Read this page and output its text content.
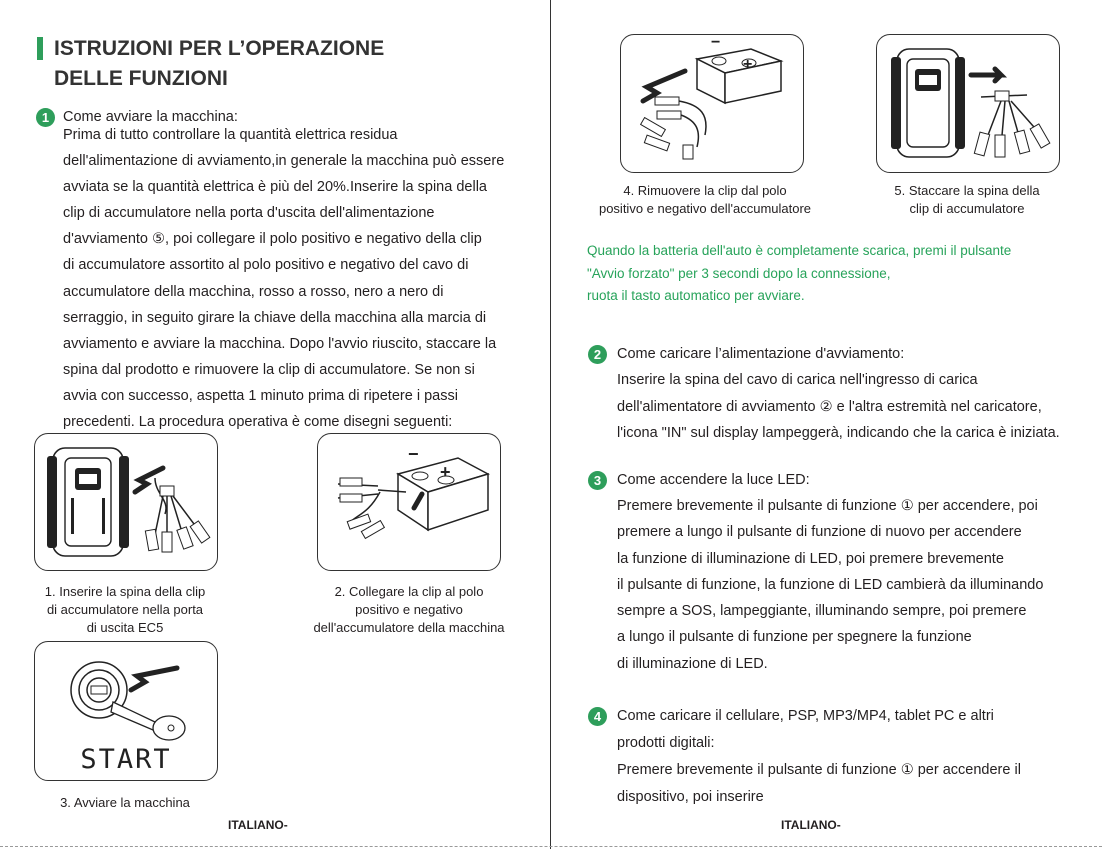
ISTRUZIONI PER L’OPERAZIONE
DELLE FUNZIONI
1 Come avviare la macchina:
Prima di tutto controllare la quantità elettrica residua
dell'alimentazione di avviamento,in generale la macchina può essere
avviata se la quantità elettrica è più del 20%.Inserire la spina della
clip di accumulatore nella porta d'uscita dell'alimentazione
d'avviamento ⑤, poi collegare il polo positivo e negativo della clip
di accumulatore assortito al polo positivo e negativo del cavo di
accumulatore della macchina, rosso a rosso, nero a nero di
serraggio, in seguito girare la chiave della macchina alla marcia di
avviamento e avviare la macchina. Dopo l'avvio riuscito, staccare la
spina dal prodotto e rimuovere la clip di accumulatore. Se non si
avvia con successo, aspetta 1 minuto prima di ripetere i passi
precedenti. La procedura operativa è come disegni seguenti:
−
+
1. Inserire la spina della clip
di accumulatore nella porta
di uscita EC5
2. Collegare la clip al polo
positivo e negativo
dell'accumulatore della macchina
START
3. Avviare la macchina
ITALIANO-
−
+
4. Rimuovere la clip dal polo
positivo e negativo dell'accumulatore
5. Staccare la spina della
clip di accumulatore
Quando la batteria dell'auto è completamente scarica, premi il pulsante
"Avvio forzato" per 3 secondi dopo la connessione,
ruota il tasto automatico per avviare.
2	Come caricare l’alimentazione d'avviamento:
Inserire la spina del cavo di carica nell'ingresso di carica
dell'alimentatore di avviamento ② e l'altra estremità nel caricatore,
l'icona "IN" sul display lampeggerà, indicando che la carica è iniziata.
3	Come accendere la luce LED:
Premere brevemente il pulsante di funzione ① per accendere, poi
premere a lungo il pulsante di funzione di nuovo per accendere
la funzione di illuminazione di LED, poi premere brevemente
il pulsante di funzione, la funzione di LED cambierà da illuminando
sempre a SOS, lampeggiante, illuminando sempre, poi premere
a lungo il pulsante di funzione per spegnere la funzione
di illuminazione di LED.
4	Come caricare il cellulare, PSP, MP3/MP4, tablet PC e altri
prodotti digitali:
Premere brevemente il pulsante di funzione ① per accendere il
dispositivo, poi inserire
ITALIANO-
